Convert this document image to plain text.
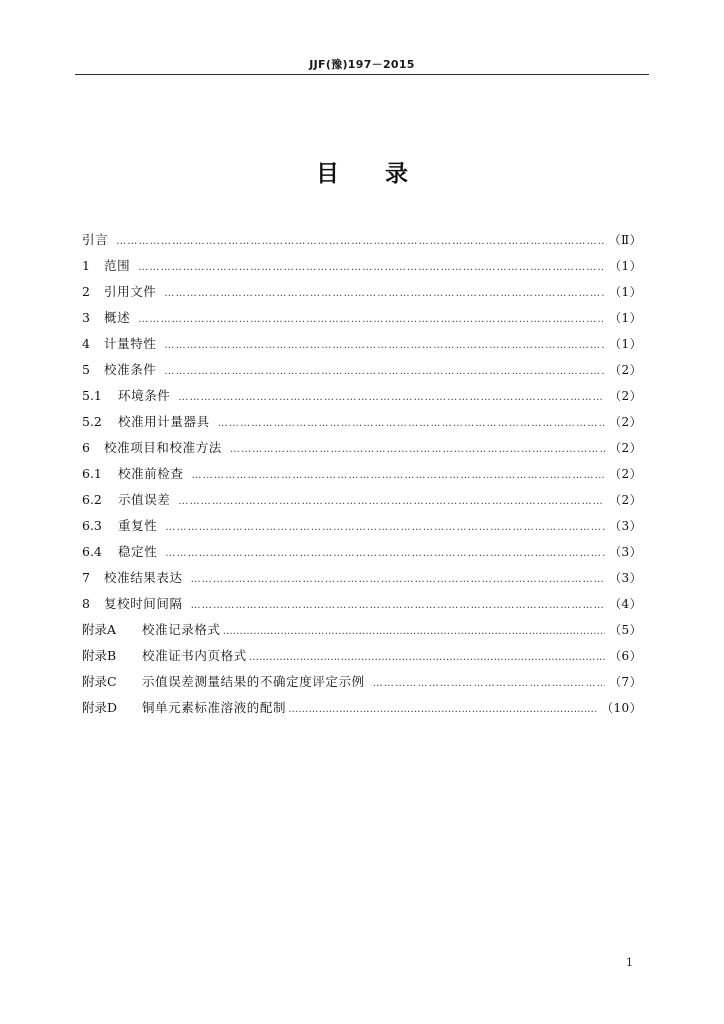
JJF(豫)197－2015
目 录
引言 …………………………………………………………………………………………………………………………………………………………………………………………………………	（Ⅱ）
1	范围 …………………………………………………………………………………………………………………………………………………………………………………………………………	（1）
2	引用文件 …………………………………………………………………………………………………………………………………………………………………………………………………………	（1）
3	概述 …………………………………………………………………………………………………………………………………………………………………………………………………………	（1）
4	计量特性 …………………………………………………………………………………………………………………………………………………………………………………………………………	（1）
5	校准条件 …………………………………………………………………………………………………………………………………………………………………………………………………………	（2）
5.1	环境条件 …………………………………………………………………………………………………………………………………………………………………………………………………………	（2）
5.2	校准用计量器具 …………………………………………………………………………………………………………………………………………………………………………………………………………	（2）
6	校准项目和校准方法 …………………………………………………………………………………………………………………………………………………………………………………………………………	（2）
6.1	校准前检查 …………………………………………………………………………………………………………………………………………………………………………………………………………	（2）
6.2	示值误差 …………………………………………………………………………………………………………………………………………………………………………………………………………	（2）
6.3	重复性 …………………………………………………………………………………………………………………………………………………………………………………………………………	（3）
6.4	稳定性 …………………………………………………………………………………………………………………………………………………………………………………………………………	（3）
7	校准结果表达 …………………………………………………………………………………………………………………………………………………………………………………………………………	（3）
8	复校时间间隔 …………………………………………………………………………………………………………………………………………………………………………………………………………	（4）
附录A	校准记录格式 …………………………………………………………………………………………………………………………………………………………………………………………………………	（5）
附录B	校准证书内页格式 …………………………………………………………………………………………………………………………………………………………………………………………………………	（6）
附录C	示值误差测量结果的不确定度评定示例 …………………………………………………………………………………………………………………………………………………………………………………………………………	（7）
附录D	铜单元素标准溶液的配制 …………………………………………………………………………………………………………………………………………………………………………………………………………	（10）
1
